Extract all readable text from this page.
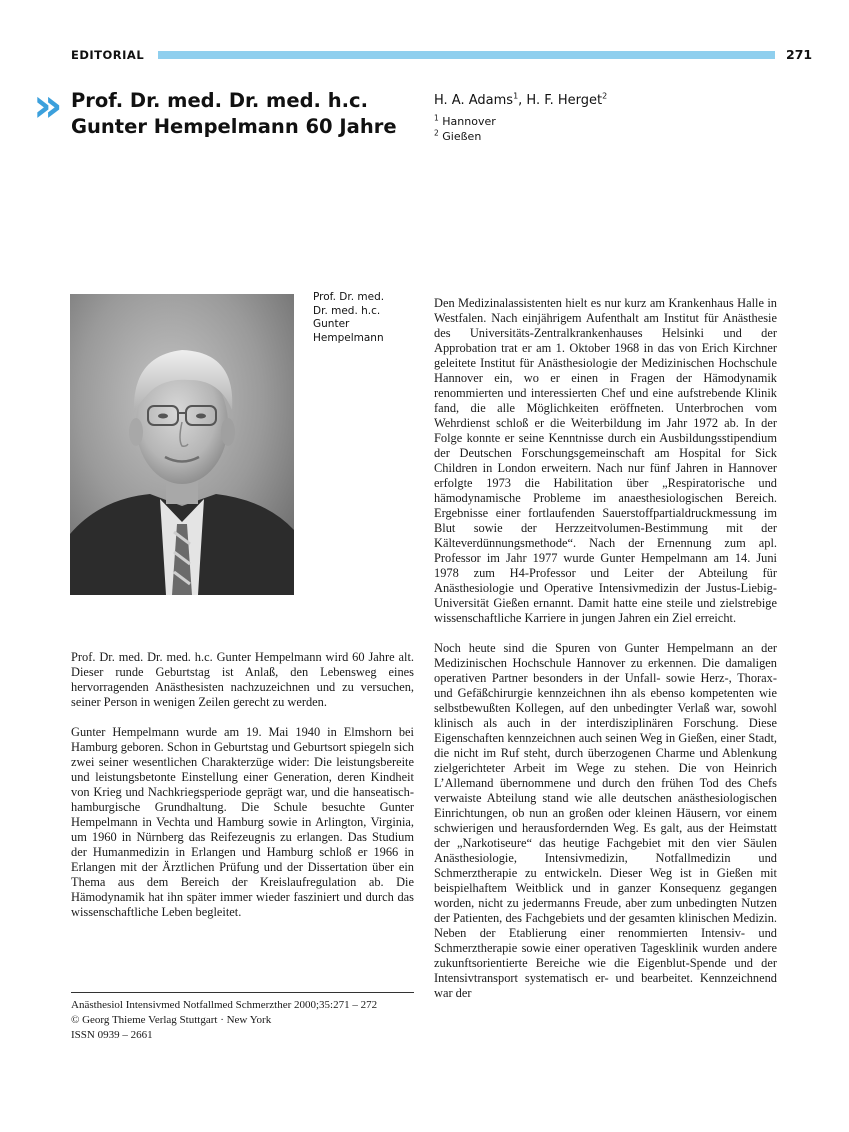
EDITORIAL	271
» Prof. Dr. med. Dr. med. h.c.
Gunter Hempelmann 60 Jahre
H. A. Adams$^1$, H. F. Herget$^2$
$^1$ Hannover
$^2$ Gießen
Prof. Dr. med.
Dr. med. h.c.
Gunter
Hempelmann

Prof. Dr. med. Dr. med. h.c. Gunter Hempelmann wird 60 Jahre alt. Dieser runde Geburtstag ist Anlaß, den Lebensweg eines hervorragenden Anästhesisten nachzuzeichnen und zu versuchen, seiner Person in wenigen Zeilen gerecht zu werden.

Gunter Hempelmann wurde am 19. Mai 1940 in Elmshorn bei Hamburg geboren. Schon in Geburtstag und Geburtsort spiegeln sich zwei seiner wesentlichen Charakterzüge wider: Die leistungsbereite und leistungsbetonte Einstellung einer Generation, deren Kindheit von Krieg und Nachkriegsperiode geprägt war, und die hanseatisch-hamburgische Grundhaltung. Die Schule besuchte Gunter Hempelmann in Vechta und Hamburg sowie in Arlington, Virginia, um 1960 in Nürnberg das Reifezeugnis zu erlangen. Das Studium der Humanmedizin in Erlangen und Hamburg schloß er 1966 in Erlangen mit der Ärztlichen Prüfung und der Dissertation über ein Thema aus dem Bereich der Kreislaufregulation ab. Die Hämodynamik hat ihn später immer wieder fasziniert und durch das wissenschaftliche Leben begleitet.

Den Medizinalassistenten hielt es nur kurz am Krankenhaus Halle in Westfalen. Nach einjährigem Aufenthalt am Institut für Anästhesie des Universitäts-Zentralkrankenhauses Helsinki und der Approbation trat er am 1. Oktober 1968 in das von Erich Kirchner geleitete Institut für Anästhesiologie der Medizinischen Hochschule Hannover ein, wo er einen in Fragen der Hämodynamik renommierten und interessierten Chef und eine aufstrebende Klinik fand, die alle Möglichkeiten eröffneten. Unterbrochen vom Wehrdienst schloß er die Weiterbildung im Jahr 1972 ab. In der Folge konnte er seine Kenntnisse durch ein Ausbildungsstipendium der Deutschen Forschungsgemeinschaft am Hospital for Sick Children in London erweitern. Nach nur fünf Jahren in Hannover erfolgte 1973 die Habilitation über „Respiratorische und hämodynamische Probleme im anaesthesiologischen Bereich. Ergebnisse einer fortlaufenden Sauerstoffpartialdruckmessung im Blut sowie der Herzzeitvolumen-Bestimmung mit der Kälteverdünnungsmethode“. Nach der Ernennung zum apl. Professor im Jahr 1977 wurde Gunter Hempelmann am 14. Juni 1978 zum H4-Professor und Leiter der Abteilung für Anästhesiologie und Operative Intensivmedizin der Justus-Liebig-Universität Gießen ernannt. Damit hatte eine steile und zielstrebige wissenschaftliche Karriere in jungen Jahren ein Ziel erreicht.

Noch heute sind die Spuren von Gunter Hempelmann an der Medizinischen Hochschule Hannover zu erkennen. Die damaligen operativen Partner besonders in der Unfall- sowie Herz-, Thorax- und Gefäßchirurgie kennzeichnen ihn als ebenso kompetenten wie selbstbewußten Kollegen, auf den unbedingter Verlaß war, sowohl klinisch als auch in der interdisziplinären Forschung. Diese Eigenschaften kennzeichnen auch seinen Weg in Gießen, einer Stadt, die nicht im Ruf steht, durch überzogenen Charme und Ablenkung zielgerichteter Arbeit im Wege zu stehen. Die von Heinrich L’Allemand übernommene und durch den frühen Tod des Chefs verwaiste Abteilung stand wie alle deutschen anästhesiologischen Einrichtungen, ob nun an großen oder kleinen Häusern, vor einem schwierigen und herausfordernden Weg. Es galt, aus der Heimstatt der „Narkotiseure“ das heutige Fachgebiet mit den vier Säulen Anästhesiologie, Intensivmedizin, Notfallmedizin und Schmerztherapie zu entwickeln. Dieser Weg ist in Gießen mit beispielhaftem Weitblick und in ganzer Konsequenz gegangen worden, nicht zu jedermanns Freude, aber zum unbedingten Nutzen der Patienten, des Fachgebiets und der gesamten klinischen Medizin. Neben der Etablierung einer renommierten Intensiv- und Schmerztherapie sowie einer operativen Tagesklinik wurden andere zukunftsorientierte Bereiche wie die Eigenblut-Spende und der Intensivtransport systematisch er- und bearbeitet. Kennzeichnend war der

Anästhesiol Intensivmed Notfallmed Schmerzther 2000;35:271 – 272
© Georg Thieme Verlag Stuttgart · New York
ISSN 0939 – 2661
